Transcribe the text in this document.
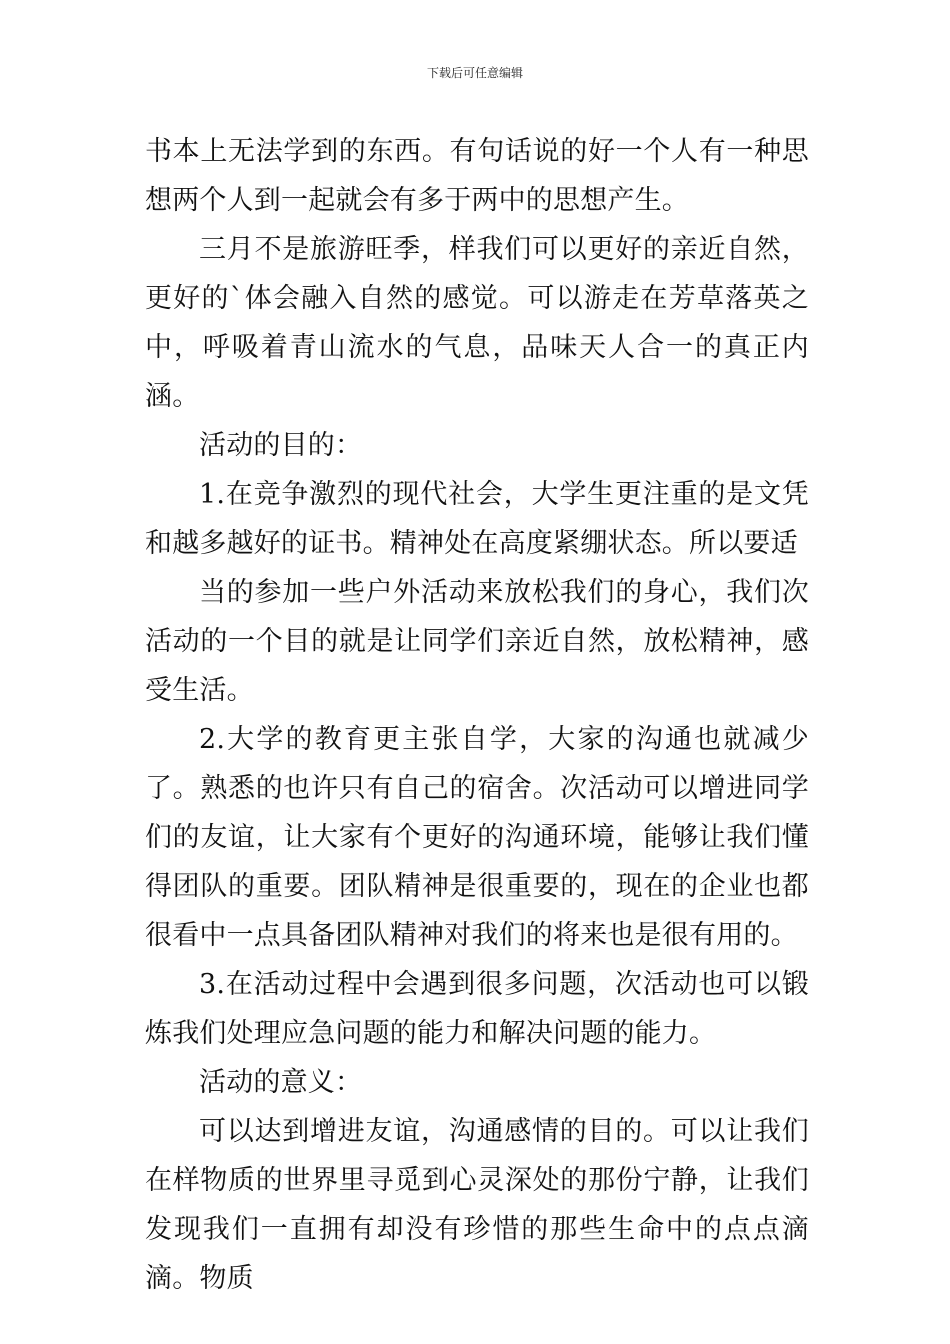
下载后可任意编辑

书本上无法学到的东西。有句话说的好一个人有一种思想两个人到一起就会有多于两中的思想产生。

三月不是旅游旺季，样我们可以更好的亲近自然，更好的`体会融入自然的感觉。可以游走在芳草落英之中，呼吸着青山流水的气息，品味天人合一的真正内涵。

活动的目的：

1.在竞争激烈的现代社会，大学生更注重的是文凭和越多越好的证书。精神处在高度紧绷状态。所以要适

当的参加一些户外活动来放松我们的身心，我们次活动的一个目的就是让同学们亲近自然，放松精神，感受生活。

2.大学的教育更主张自学，大家的沟通也就减少了。熟悉的也许只有自己的宿舍。次活动可以增进同学们的友谊，让大家有个更好的沟通环境，能够让我们懂得团队的重要。团队精神是很重要的，现在的企业也都很看中一点具备团队精神对我们的将来也是很有用的。

3.在活动过程中会遇到很多问题，次活动也可以锻炼我们处理应急问题的能力和解决问题的能力。

活动的意义：

可以达到增进友谊，沟通感情的目的。可以让我们在样物质的世界里寻觅到心灵深处的那份宁静，让我们发现我们一直拥有却没有珍惜的那些生命中的点点滴滴。物质
